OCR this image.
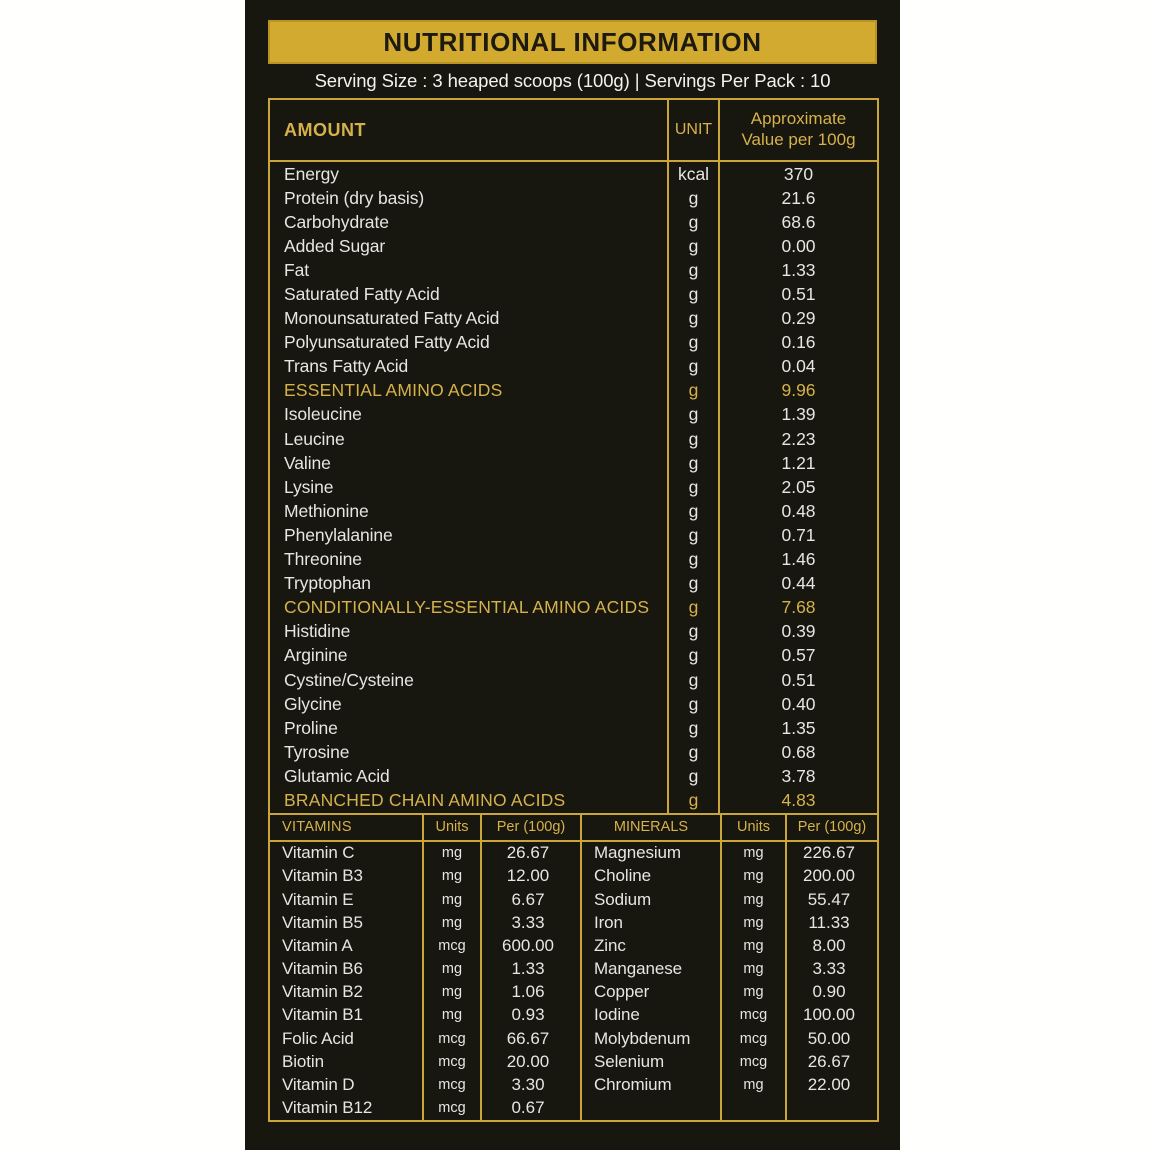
NUTRITIONAL INFORMATION
Serving Size : 3 heaped scoops (100g) | Servings Per Pack : 10
AMOUNT	UNIT	Approximate
Value per 100g

Energy	kcal	370
Protein (dry basis)	g	21.6
Carbohydrate	g	68.6
Added Sugar	g	0.00
Fat	g	1.33
Saturated Fatty Acid	g	0.51
Monounsaturated Fatty Acid	g	0.29
Polyunsaturated Fatty Acid	g	0.16
Trans Fatty Acid	g	0.04
ESSENTIAL AMINO ACIDS	g	9.96
Isoleucine	g	1.39
Leucine	g	2.23
Valine	g	1.21
Lysine	g	2.05
Methionine	g	0.48
Phenylalanine	g	0.71
Threonine	g	1.46
Tryptophan	g	0.44
CONDITIONALLY-ESSENTIAL AMINO ACIDS	g	7.68
Histidine	g	0.39
Arginine	g	0.57
Cystine/Cysteine	g	0.51
Glycine	g	0.40
Proline	g	1.35
Tyrosine	g	0.68
Glutamic Acid	g	3.78
BRANCHED CHAIN AMINO ACIDS	g	4.83
VITAMINS	Units	Per (100g)	MINERALS	Units	Per (100g)
Vitamin C	mg	26.67	Magnesium	mg	226.67
Vitamin B3	mg	12.00	Choline	mg	200.00
Vitamin E	mg	6.67	Sodium	mg	55.47
Vitamin B5	mg	3.33	Iron	mg	11.33
Vitamin A	mcg	600.00	Zinc	mg	8.00
Vitamin B6	mg	1.33	Manganese	mg	3.33
Vitamin B2	mg	1.06	Copper	mg	0.90
Vitamin B1	mg	0.93	Iodine	mcg	100.00
Folic Acid	mcg	66.67	Molybdenum	mcg	50.00
Biotin	mcg	20.00	Selenium	mcg	26.67
Vitamin D	mcg	3.30	Chromium	mg	22.00
Vitamin B12	mcg	0.67			
